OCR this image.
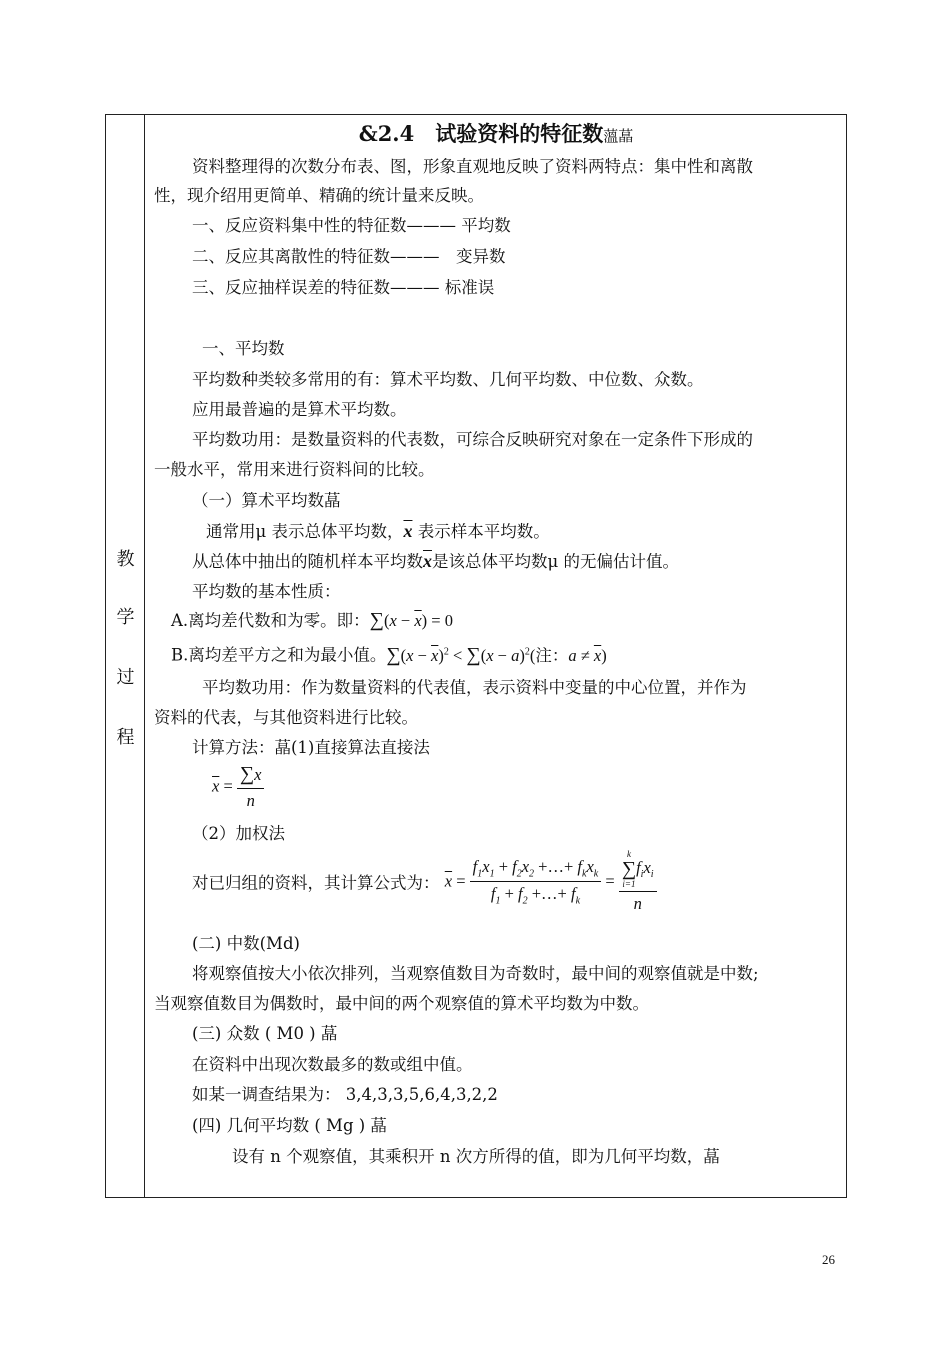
教
学
过
程
&2.4　试验资料的特征数薀蕌
资料整理得的次数分布表、图，形象直观地反映了资料两特点：集中性和离散
性，现介绍用更简单、精确的统计量来反映。
一、反应资料集中性的特征数——— 平均数
二、反应其离散性的特征数———　变异数
三、反应抽样误差的特征数——— 标准误
一、平均数
平均数种类较多常用的有：算术平均数、几何平均数、中位数、众数。
应用最普遍的是算术平均数。
平均数功用：是数量资料的代表数，可综合反映研究对象在一定条件下形成的
一般水平，常用来进行资料间的比较。
（一）算术平均数蕌
通常用μ 表示总体平均数，$\overline{x}$ 表示样本平均数。
从总体中抽出的随机样本平均数$\overline{x}$是该总体平均数μ 的无偏估计值。
平均数的基本性质：
A.离均差代数和为零。即：$\sum(x - \overline{x}) = 0$
B.离均差平方之和为最小值。$\sum(x - \overline{x})^2 < \sum(x - a)^2$(注：$a \ne \overline{x}$)
平均数功用：作为数量资料的代表值，表示资料中变量的中心位置，并作为
资料的代表，与其他资料进行比较。
计算方法：蕌(1)直接算法直接法
$\overline{x} = \frac{\sum x}{n}$
（2）加权法
对已归组的资料，其计算公式为： $\overline{x} = \frac{f_1x_1 + f_2x_2 +\dots+ f_kx_k}{f_1 + f_2 +\dots+ f_k} = k$
∑
i=1
$f_ix_i$
n
(二) 中数(Md)
将观察值按大小依次排列，当观察值数目为奇数时，最中间的观察值就是中数;
当观察值数目为偶数时，最中间的两个观察值的算术平均数为中数。
(三) 众数 ( M0 ) 蕌
在资料中出现次数最多的数或组中值。
如某一调查结果为： 3,4,3,3,5,6,4,3,2,2
(四) 几何平均数 ( Mg ) 蕌
设有 n 个观察值，其乘积开 n 次方所得的值，即为几何平均数，蕌
26
